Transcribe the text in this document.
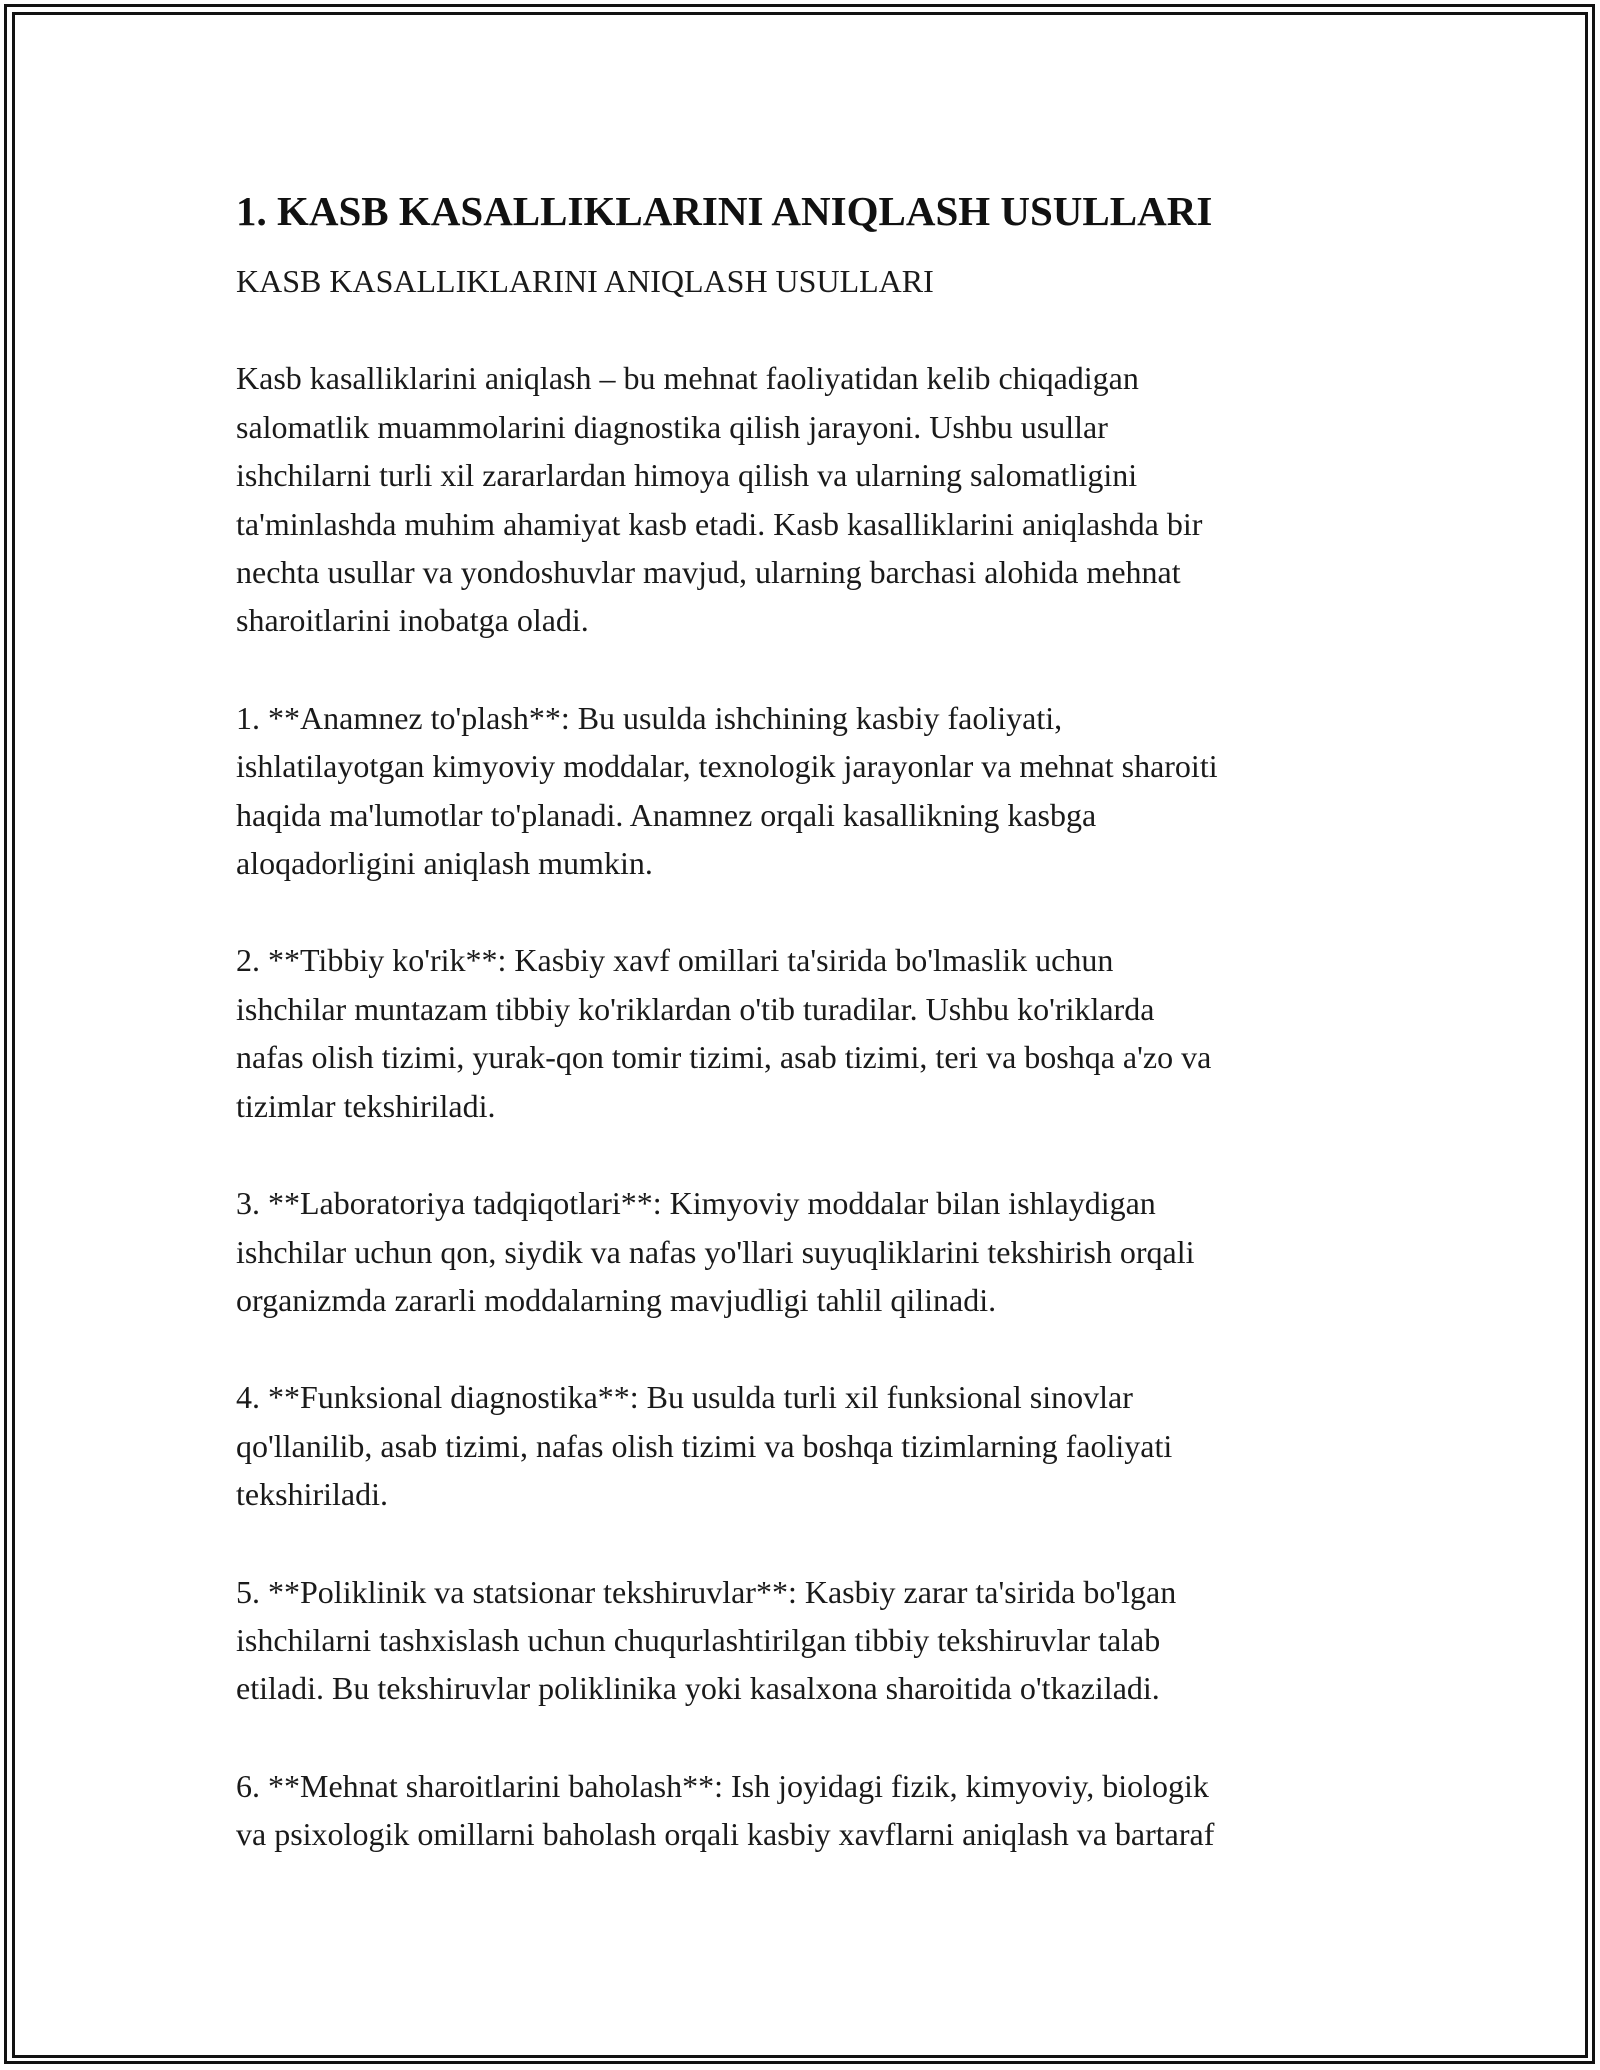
1. KASB KASALLIKLARINI ANIQLASH USULLARI

KASB KASALLIKLARINI ANIQLASH USULLARI

Kasb kasalliklarini aniqlash – bu mehnat faoliyatidan kelib chiqadigan
salomatlik muammolarini diagnostika qilish jarayoni. Ushbu usullar
ishchilarni turli xil zararlardan himoya qilish va ularning salomatligini
ta'minlashda muhim ahamiyat kasb etadi. Kasb kasalliklarini aniqlashda bir
nechta usullar va yondoshuvlar mavjud, ularning barchasi alohida mehnat
sharoitlarini inobatga oladi.

1. **Anamnez to'plash**: Bu usulda ishchining kasbiy faoliyati,
ishlatilayotgan kimyoviy moddalar, texnologik jarayonlar va mehnat sharoiti
haqida ma'lumotlar to'planadi. Anamnez orqali kasallikning kasbga
aloqadorligini aniqlash mumkin.

2. **Tibbiy ko'rik**: Kasbiy xavf omillari ta'sirida bo'lmaslik uchun
ishchilar muntazam tibbiy ko'riklardan o'tib turadilar. Ushbu ko'riklarda
nafas olish tizimi, yurak-qon tomir tizimi, asab tizimi, teri va boshqa a'zo va
tizimlar tekshiriladi.

3. **Laboratoriya tadqiqotlari**: Kimyoviy moddalar bilan ishlaydigan
ishchilar uchun qon, siydik va nafas yo'llari suyuqliklarini tekshirish orqali
organizmda zararli moddalarning mavjudligi tahlil qilinadi.

4. **Funksional diagnostika**: Bu usulda turli xil funksional sinovlar
qo'llanilib, asab tizimi, nafas olish tizimi va boshqa tizimlarning faoliyati
tekshiriladi.

5. **Poliklinik va statsionar tekshiruvlar**: Kasbiy zarar ta'sirida bo'lgan
ishchilarni tashxislash uchun chuqurlashtirilgan tibbiy tekshiruvlar talab
etiladi. Bu tekshiruvlar poliklinika yoki kasalxona sharoitida o'tkaziladi.

6. **Mehnat sharoitlarini baholash**: Ish joyidagi fizik, kimyoviy, biologik
va psixologik omillarni baholash orqali kasbiy xavflarni aniqlash va bartaraf
